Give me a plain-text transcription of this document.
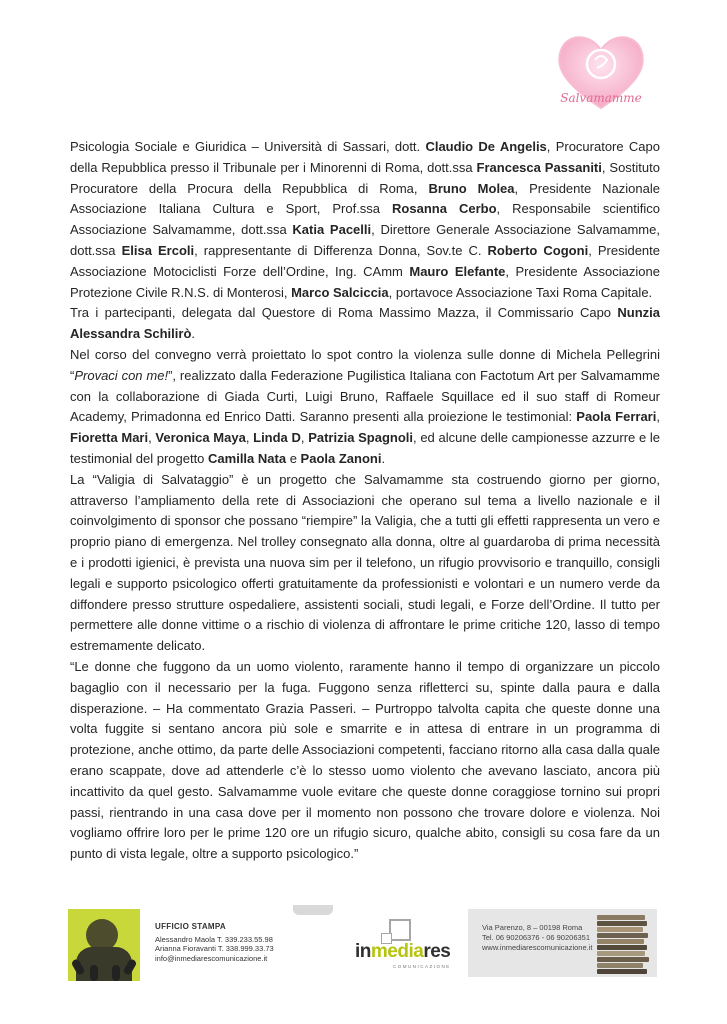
Salvamamme

Psicologia Sociale e Giuridica – Università di Sassari, dott. Claudio De Angelis, Procuratore Capo della Repubblica presso il Tribunale per i Minorenni di Roma, dott.ssa Francesca Passaniti, Sostituto Procuratore della Procura della Repubblica di Roma, Bruno Molea, Presidente Nazionale Associazione Italiana Cultura e Sport, Prof.ssa Rosanna Cerbo, Responsabile scientifico Associazione Salvamamme, dott.ssa Katia Pacelli, Direttore Generale Associazione Salvamamme, dott.ssa Elisa Ercoli, rappresentante di Differenza Donna, Sov.te C. Roberto Cogoni, Presidente Associazione Motociclisti Forze dell’Ordine, Ing. CAmm Mauro Elefante, Presidente Associazione Protezione Civile R.N.S. di Monterosi, Marco Salciccia, portavoce Associazione Taxi Roma Capitale.

Tra i partecipanti, delegata dal Questore di Roma Massimo Mazza, il Commissario Capo Nunzia Alessandra Schilirò.

Nel corso del convegno verrà proiettato lo spot contro la violenza sulle donne di Michela Pellegrini “Provaci con me!”, realizzato dalla Federazione Pugilistica Italiana con Factotum Art per Salvamamme con la collaborazione di Giada Curti, Luigi Bruno, Raffaele Squillace ed il suo staff di Romeur Academy, Primadonna ed Enrico Datti. Saranno presenti alla proiezione le testimonial: Paola Ferrari, Fioretta Mari, Veronica Maya, Linda D, Patrizia Spagnoli, ed alcune delle campionesse azzurre e le testimonial del progetto Camilla Nata e Paola Zanoni.

La “Valigia di Salvataggio” è un progetto che Salvamamme sta costruendo giorno per giorno, attraverso l’ampliamento della rete di Associazioni che operano sul tema a livello nazionale e il coinvolgimento di sponsor che possano “riempire” la Valigia, che a tutti gli effetti rappresenta un vero e proprio piano di emergenza. Nel trolley consegnato alla donna, oltre al guardaroba di prima necessità e i prodotti igienici, è prevista una nuova sim per il telefono, un rifugio provvisorio e tranquillo, consigli legali e supporto psicologico offerti gratuitamente da professionisti e volontari e un numero verde da diffondere presso strutture ospedaliere, assistenti sociali, studi legali, e Forze dell’Ordine. Il tutto per permettere alle donne vittime o a rischio di violenza di affrontare le prime critiche 120, lasso di tempo estremamente delicato.

“Le donne che fuggono da un uomo violento, raramente hanno il tempo di organizzare un piccolo bagaglio con il necessario per la fuga. Fuggono senza rifletterci su, spinte dalla paura e dalla disperazione. – Ha commentato Grazia Passeri. – Purtroppo talvolta capita che queste donne una volta fuggite si sentano ancora più sole e smarrite e in attesa di entrare in un programma di protezione, anche ottimo, da parte delle Associazioni competenti, facciano ritorno alla casa dalla quale erano scappate, dove ad attenderle c’è lo stesso uomo violento che avevano lasciato, ancora più incattivito da quel gesto. Salvamamme vuole evitare che queste donne coraggiose tornino sui propri passi, rientrando in una casa dove per il momento non possono che trovare dolore e violenza. Noi vogliamo offrire loro per le prime 120 ore un rifugio sicuro, qualche abito, consigli su cosa fare da un punto di vista legale, oltre a supporto psicologico.”

UFFICIO STAMPA
Alessandro Maola T. 339.233.55.98
Arianna Fioravanti T. 338.999.33.73
info@inmediarescomunicazione.it	inmediares
COMUNICAZIONE
Via Parenzo, 8 – 00198 Roma
Tel. 06 90206376 - 06 90206351
www.inmediarescomunicazione.it
